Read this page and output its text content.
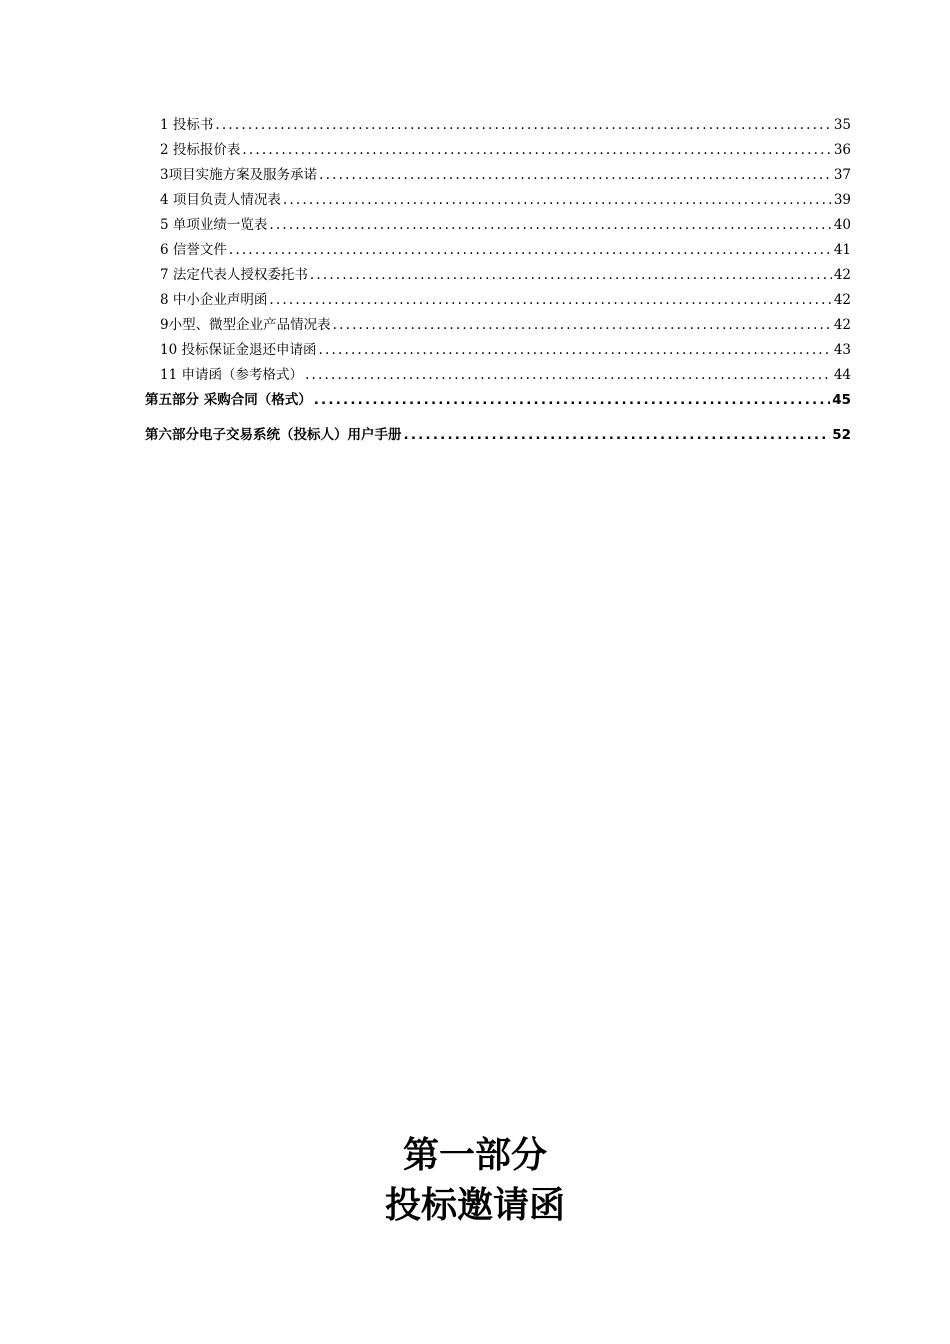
1 投标书 .....	35
2 投标报价表 .....	36
3项目实施方案及服务承诺 .....	37
4 项目负责人情况表 .....	39
5 单项业绩一览表 .....	40
6 信誉文件 .....	41
7 法定代表人授权委托书 .....	42
8 中小企业声明函 .....	42
9小型、微型企业产品情况表 .....	42
10 投标保证金退还申请函 .....	43
11 申请函（参考格式） .....	44
第五部分 采购合同（格式） .....	45
第六部分电子交易系统（投标人）用户手册 .....	52
第一部分
投标邀请函
